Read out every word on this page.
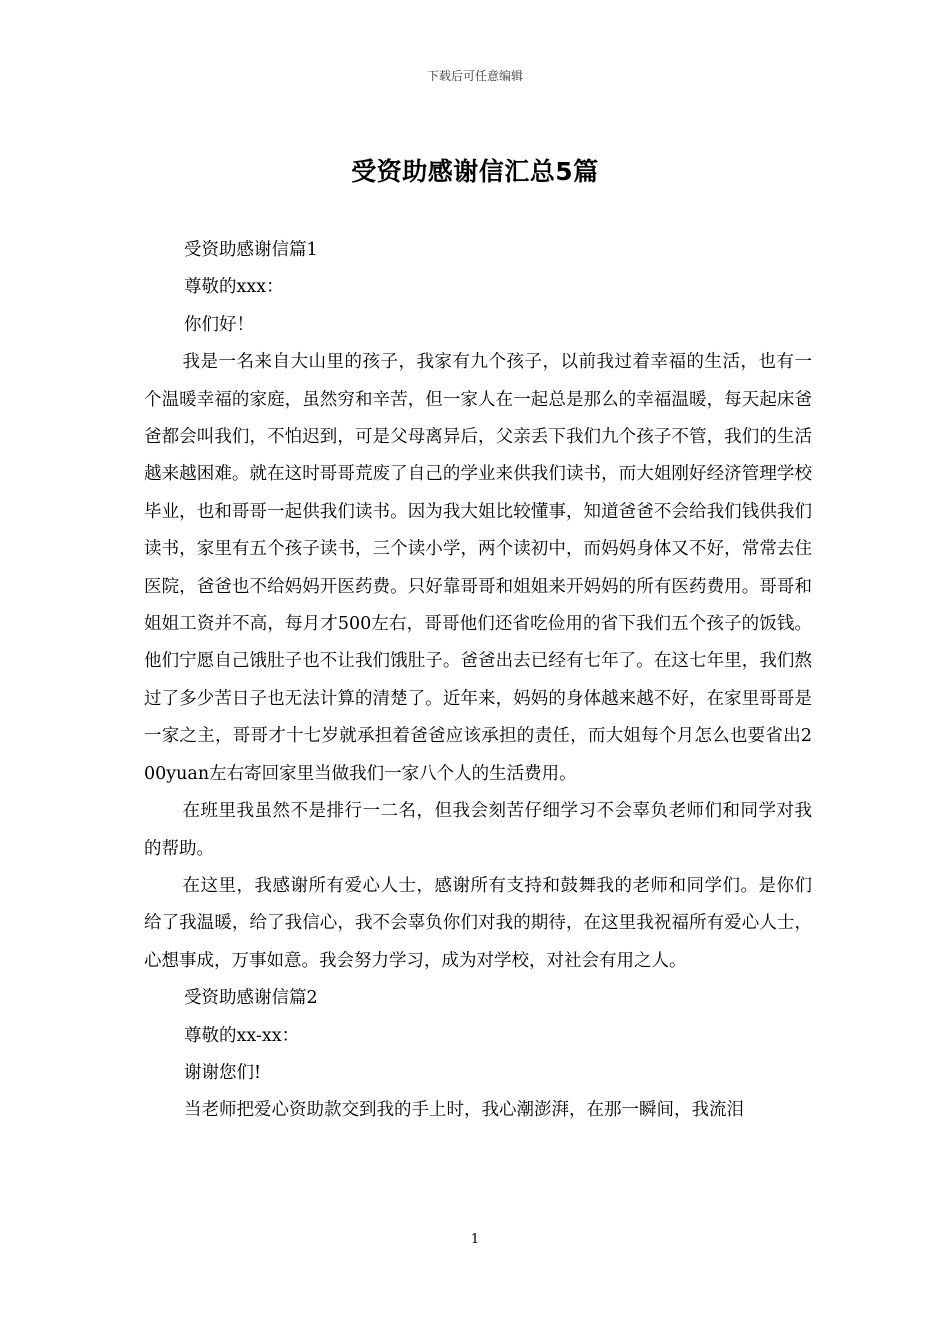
下载后可任意编辑
受资助感谢信汇总5篇

受资助感谢信篇1

尊敬的xxx：

你们好！

我是一名来自大山里的孩子，我家有九个孩子，以前我过着幸福的生活，也有一个温暖幸福的家庭，虽然穷和辛苦，但一家人在一起总是那么的幸福温暖，每天起床爸爸都会叫我们，不怕迟到，可是父母离异后，父亲丢下我们九个孩子不管，我们的生活越来越困难。就在这时哥哥荒废了自己的学业来供我们读书，而大姐刚好经济管理学校毕业，也和哥哥一起供我们读书。因为我大姐比较懂事，知道爸爸不会给我们钱供我们读书，家里有五个孩子读书，三个读小学，两个读初中，而妈妈身体又不好，常常去住医院，爸爸也不给妈妈开医药费。只好靠哥哥和姐姐来开妈妈的所有医药费用。哥哥和姐姐工资并不高，每月才500左右，哥哥他们还省吃俭用的省下我们五个孩子的饭钱。他们宁愿自己饿肚子也不让我们饿肚子。爸爸出去已经有七年了。在这七年里，我们熬过了多少苦日子也无法计算的清楚了。近年来，妈妈的身体越来越不好，在家里哥哥是一家之主，哥哥才十七岁就承担着爸爸应该承担的责任，而大姐每个月怎么也要省出200yuan左右寄回家里当做我们一家八个人的生活费用。

在班里我虽然不是排行一二名，但我会刻苦仔细学习不会辜负老师们和同学对我的帮助。

在这里，我感谢所有爱心人士，感谢所有支持和鼓舞我的老师和同学们。是你们给了我温暖，给了我信心，我不会辜负你们对我的期待，在这里我祝福所有爱心人士，心想事成，万事如意。我会努力学习，成为对学校，对社会有用之人。

受资助感谢信篇2

尊敬的xx-xx：

谢谢您们!

当老师把爱心资助款交到我的手上时，我心潮澎湃，在那一瞬间，我流泪

1
